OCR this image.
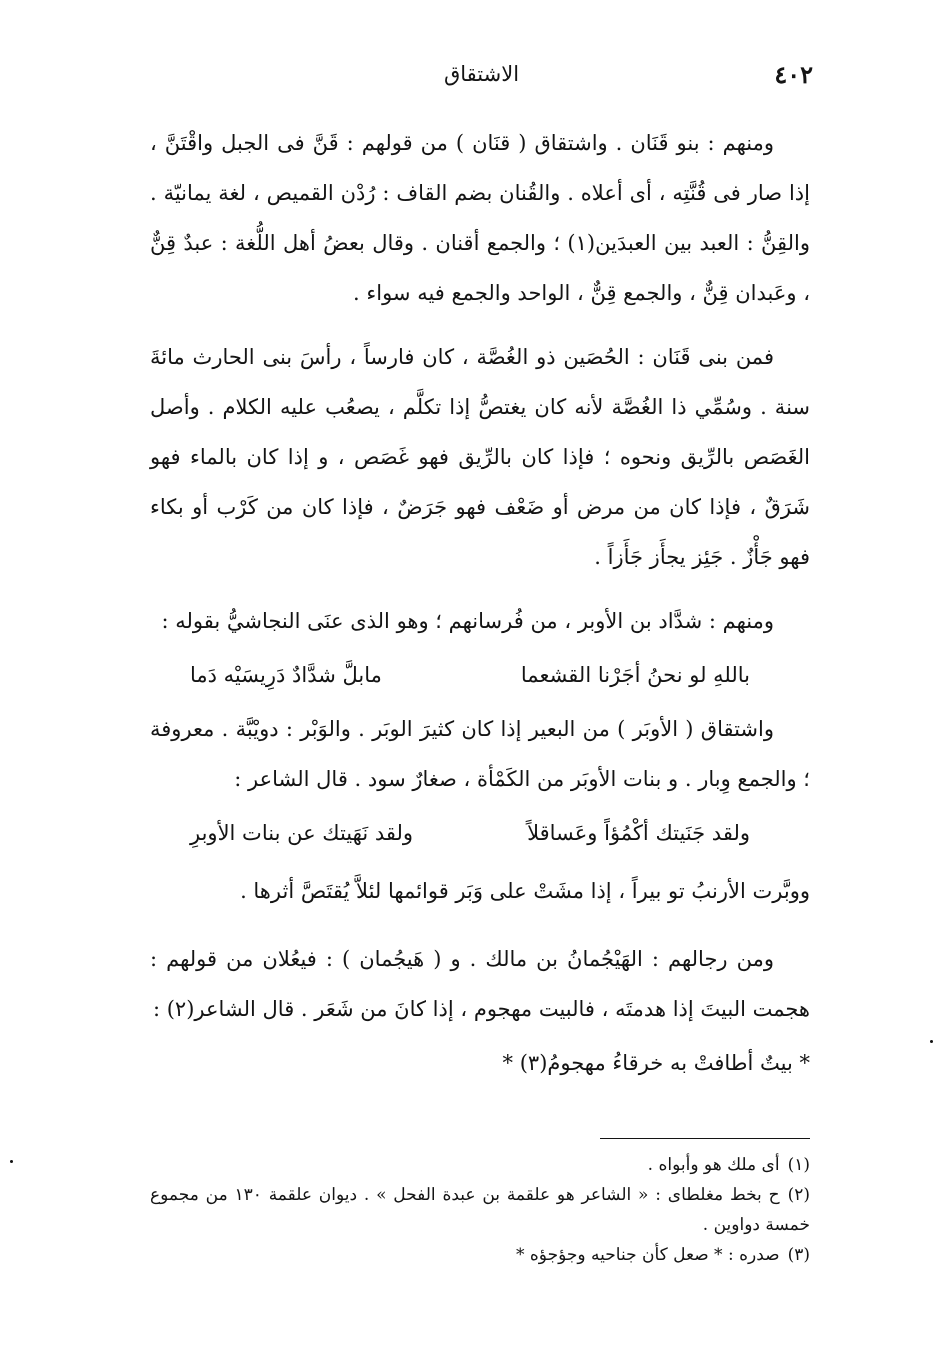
٤٠٢
الاشتقاق

ومنهم : بنو قَنَان . واشتقاق ( قنَان ) من قولهم : قَنَّ فى الجبل واقْتَنَّ ، إذا صار فى قُنَّتِه ، أى أعلاه . والقُنان بضم القاف : رُدْن القميص ، لغة يمانيّة . والقِنُّ : العبد بين العبدَين(١) ؛ والجمع أقنان . وقال بعضُ أهل اللُّغة : عبدٌ قِنٌّ ، وعَبدان قِنٌّ ، والجمع قِنٌّ ، الواحد والجمع فيه سواء .

فمن بنى قَنَان : الحُصَين ذو الغُصَّة ، كان فارساً ، رأسَ بنى الحارث مائةَ سنة . وسُمِّي ذا الغُصَّة لأنه كان يغتصُّ إذا تكلَّم ، يصعُب عليه الكلام . وأصل الغَصَص بالرِّيق ونحوه ؛ فإذا كان بالرِّيق فهو غَصَص ، و إذا كان بالماء فهو شَرَقٌ ، فإذا كان من مرض أو ضَعْف فهو جَرَضٌ ، فإذا كان من كَرْب أو بكاء فهو جَأْزٌ . جَئِز يجأَز جَأَزاً .

ومنهم : شدَّاد بن الأوبر ، من فُرسانهم ؛ وهو الذى عنَى النجاشيُّ بقوله :

باللهِ لو نحنُ أجَرْنا القشعما
مابلَّ شدَّادٌ دَرِيسَيْه دَما

واشتقاق ( الأوبَر ) من البعير إذا كان كثيرَ الوبَر . والوَبْر : دويْبَّة . معروفة ؛ والجمع وِبار . و بنات الأوبَر من الكَمْأة ، صغارٌ سود . قال الشاعر :

ولقد جَنَيتك أكْمُؤاً وعَساقلاً
ولقد نَهَيتك عن بنات الأوبرِ
ووبَّرت الأرنبُ تو بيراً ، إذا مشَتْ على وَبَر قوائمها لئلاَّ يُقتَصَّ أثرها .

ومن رجالهم : الهَيْجُمانُ بن مالك . و ( هَيجُمان ) : فيعُلان من قولهم : هجمت البيتَ إذا هدمتَه ، فالبيت مهجوم ، إذا كانَ من شَعَر . قال الشاعر(٢) :

* بيتٌ أطافتْ به خرقاءُ مهجومُ(٣) *

(١)أى ملك هو وأبواه .

(٢)ح بخط مغلطاى : « الشاعر هو علقمة بن عبدة الفحل » . ديوان علقمة ١٣٠ من مجموع خمسة دواوين .

(٣)صدره : * صعل كأن جناحيه وجؤجؤه *
